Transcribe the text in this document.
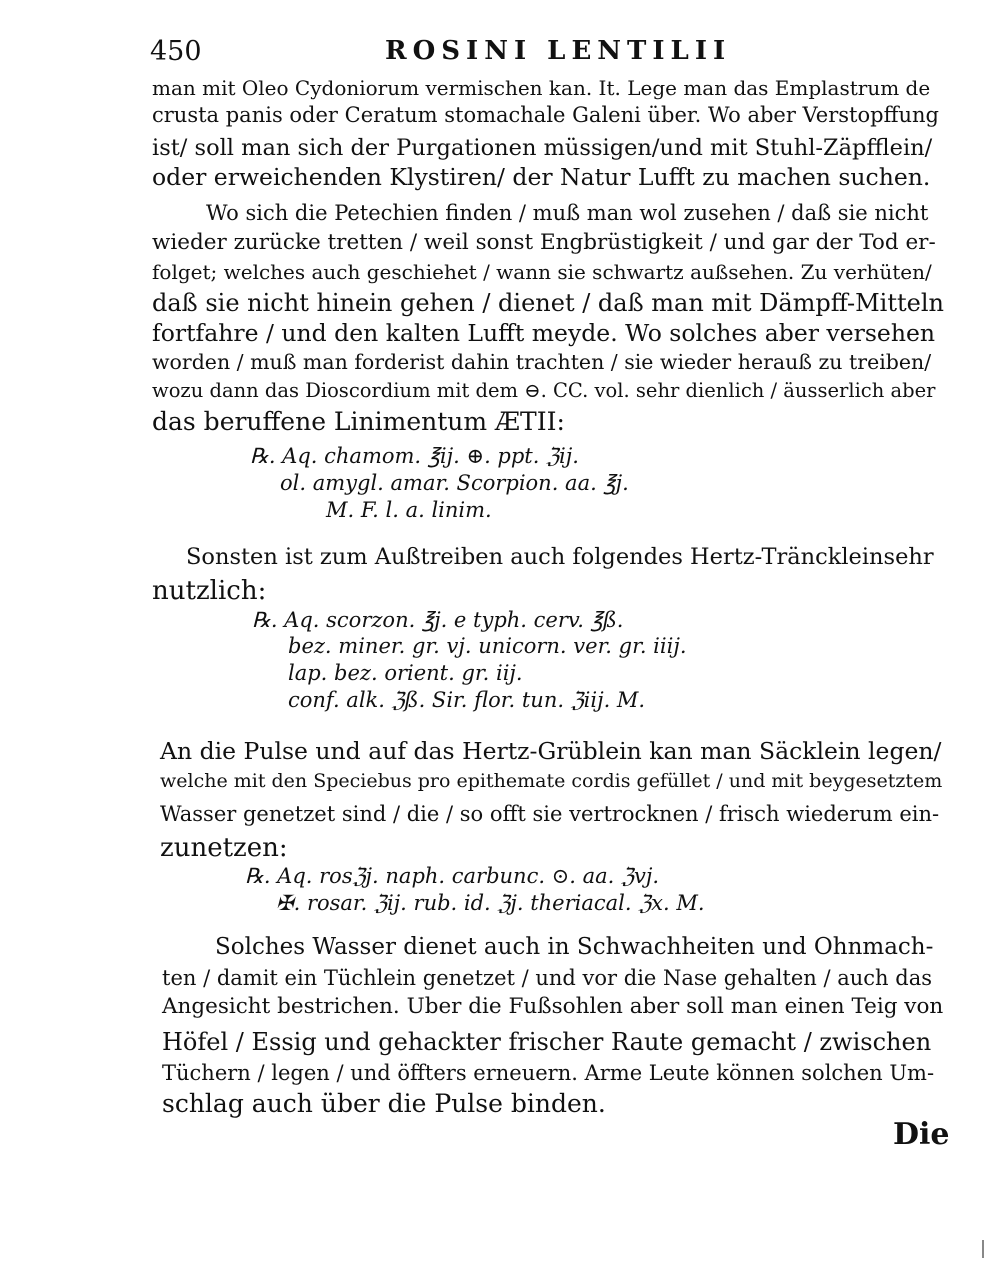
450	ROSINI LENTILII
man mit Oleo Cydoniorum vermischen kan. It. Lege man das Emplastrum de
crusta panis oder Ceratum stomachale Galeni über. Wo aber Verstopffung
ist/ soll man sich der Purgationen müssigen/und mit Stuhl-Zäpfflein/
oder erweichenden Klystiren/ der Natur Lufft zu machen suchen.
Wo sich die Petechien finden / muß man wol zusehen / daß sie nicht
wieder zurücke tretten / weil sonst Engbrüstigkeit / und gar der Tod er-
folget; welches auch geschiehet / wann sie schwartz außsehen. Zu verhüten/
daß sie nicht hinein gehen / dienet / daß man mit Dämpff-Mitteln
fortfahre / und den kalten Lufft meyde. Wo solches aber versehen
worden / muß man forderist dahin trachten / sie wieder herauß zu treiben/
wozu dann das Dioscordium mit dem ⊖. CC. vol. sehr dienlich / äusserlich aber
das beruffene Linimentum ÆTII:
℞. Aq. chamom. ℥ij. ⊕. ppt. ℨij.
ol. amygl. amar. Scorpion. aa. ℥j.
M. F. l. a. linim.
Sonsten ist zum Außtreiben auch folgendes Hertz-Tränckleinsehr
nutzlich:
℞. Aq. scorzon. ℥j. e typh. cerv. ℥ß.
bez. miner. gr. vj. unicorn. ver. gr. iiij.
lap. bez. orient. gr. iij.
conf. alk. ℨß. Sir. flor. tun. ℨiij. M.
An die Pulse und auf das Hertz-Grüblein kan man Säcklein legen/
welche mit den Speciebus pro epithemate cordis gefüllet / und mit beygesetztem
Wasser genetzet sind / die / so offt sie vertrocknen / frisch wiederum ein-
zunetzen:
℞. Aq. rosℨj. naph. carbunc. ⊙. aa. ℨvj.
✠. rosar. ℨij. rub. id. ℨj. theriacal. ℨx. M.
Solches Wasser dienet auch in Schwachheiten und Ohnmach-
ten / damit ein Tüchlein genetzet / und vor die Nase gehalten / auch das
Angesicht bestrichen. Uber die Fußsohlen aber soll man einen Teig von
Höfel / Essig und gehackter frischer Raute gemacht / zwischen
Tüchern / legen / und öffters erneuern. Arme Leute können solchen Um-
schlag auch über die Pulse binden.
Die
